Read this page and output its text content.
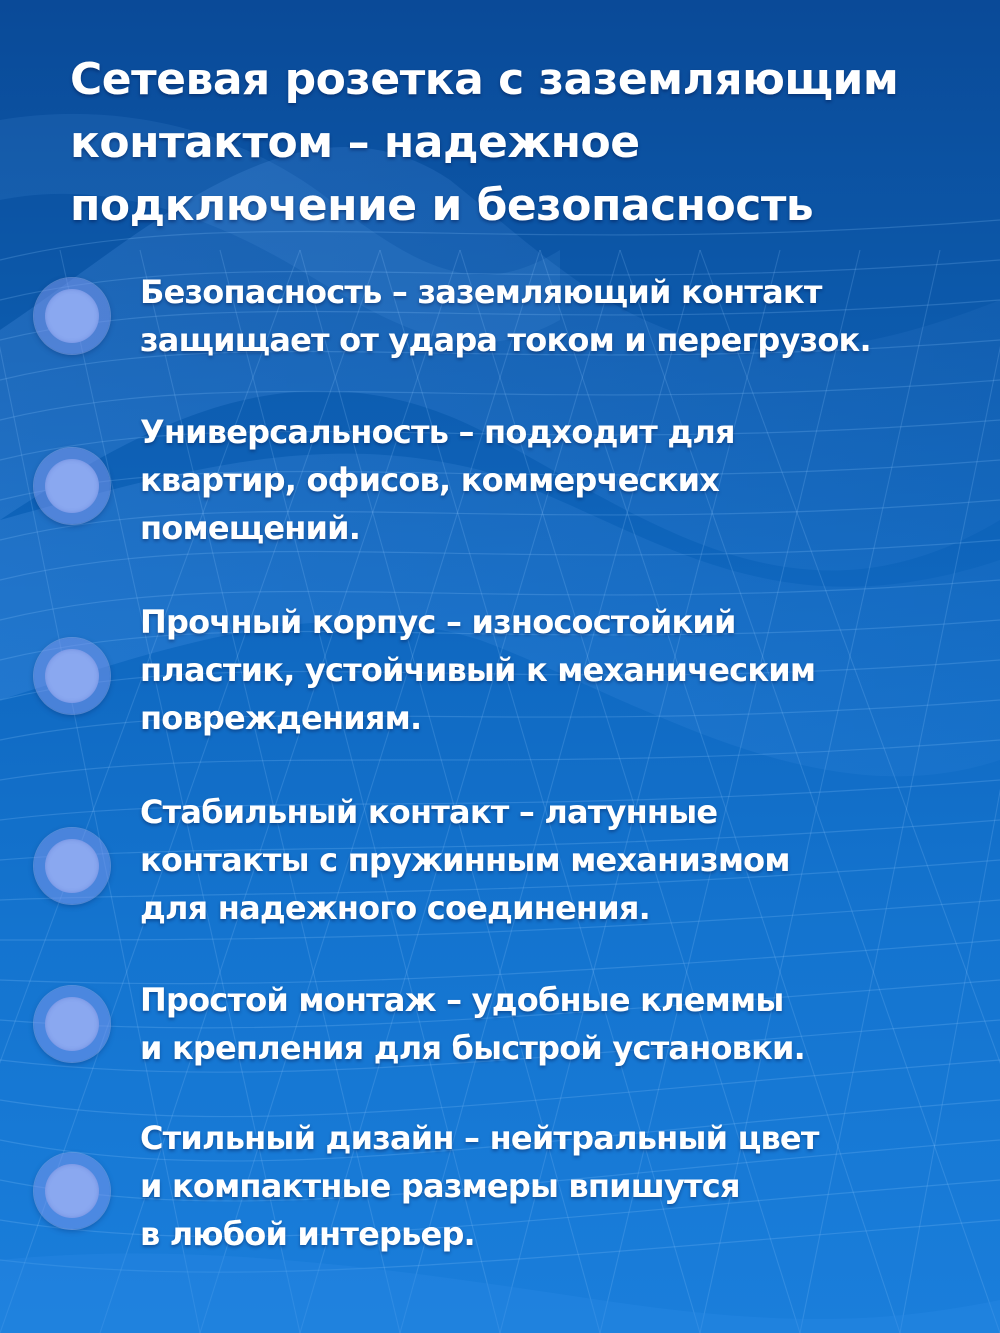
Сетевая розетка с заземляющим
контактом – надежное
подключение и безопасность
Безопасность – заземляющий контакт
защищает от удара током и перегрузок.
Универсальность – подходит для
квартир, офисов, коммерческих
помещений.
Прочный корпус – износостойкий
пластик, устойчивый к механическим
повреждениям.
Стабильный контакт – латунные
контакты с пружинным механизмом
для надежного соединения.
Простой монтаж – удобные клеммы
и крепления для быстрой установки.
Стильный дизайн – нейтральный цвет
и компактные размеры впишутся
в любой интерьер.
